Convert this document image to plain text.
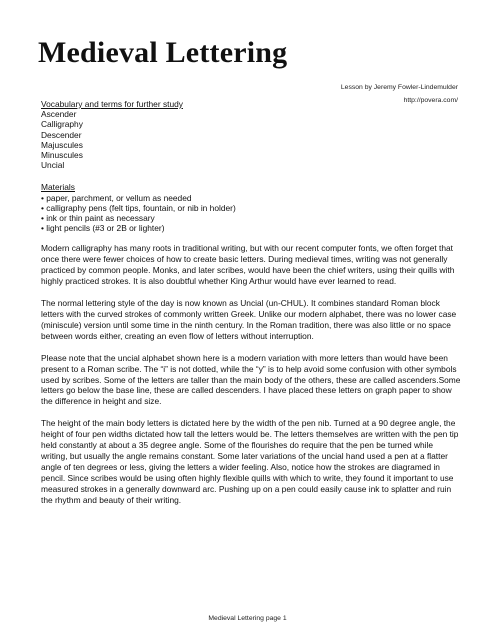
Medieval Lettering
Lesson by Jeremy Fowler-Lindemulder
http://povera.com/

Vocabulary and terms for further study

Ascender
Calligraphy
Descender
Majuscules
Minuscules
Uncial

Materials

• paper, parchment, or vellum as needed
• calligraphy pens (felt tips, fountain, or nib in holder)
• ink or thin paint as necessary
• light pencils (#3 or 2B or lighter)

Modern calligraphy has many roots in traditional writing, but with our recent computer fonts, we often forget that once there were fewer choices of how to create basic letters. During medieval times, writing was not generally practiced by common people. Monks, and later scribes, would have been the chief writers, using their quills with highly practiced strokes. It is also doubtful whether King Arthur would have ever learned to read.

The normal lettering style of the day is now known as Uncial (un-CHUL). It combines standard Roman block letters with the curved strokes of commonly written Greek. Unlike our modern alphabet, there was no lower case (miniscule) version until some time in the ninth century. In the Roman tradition, there was also little or no space between words either, creating an even flow of letters without interruption.

Please note that the uncial alphabet shown here is a modern variation with more letters than would have been present to a Roman scribe. The “i” is not dotted, while the “y” is to help avoid some confusion with other symbols used by scribes. Some of the letters are taller than the main body of the others, these are called ascenders.Some letters go below the base line, these are called descenders. I have placed these letters on graph paper to show the difference in height and size.

The height of the main body letters is dictated here by the width of the pen nib. Turned at a 90 degree angle, the height of four pen widths dictated how tall the letters would be. The letters themselves are written with the pen tip held constantly at about a 35 degree angle. Some of the flourishes do require that the pen be turned while writing, but usually the angle remains constant. Some later variations of the uncial hand used a pen at a flatter angle of ten degrees or less, giving the letters a wider feeling. Also, notice how the strokes are diagramed in pencil. Since scribes would be using often highly flexible quills with which to write, they found it important to use measured strokes in a generally downward arc. Pushing up on a pen could easily cause ink to splatter and ruin the rhythm and beauty of their writing.

Medieval Lettering page 1
